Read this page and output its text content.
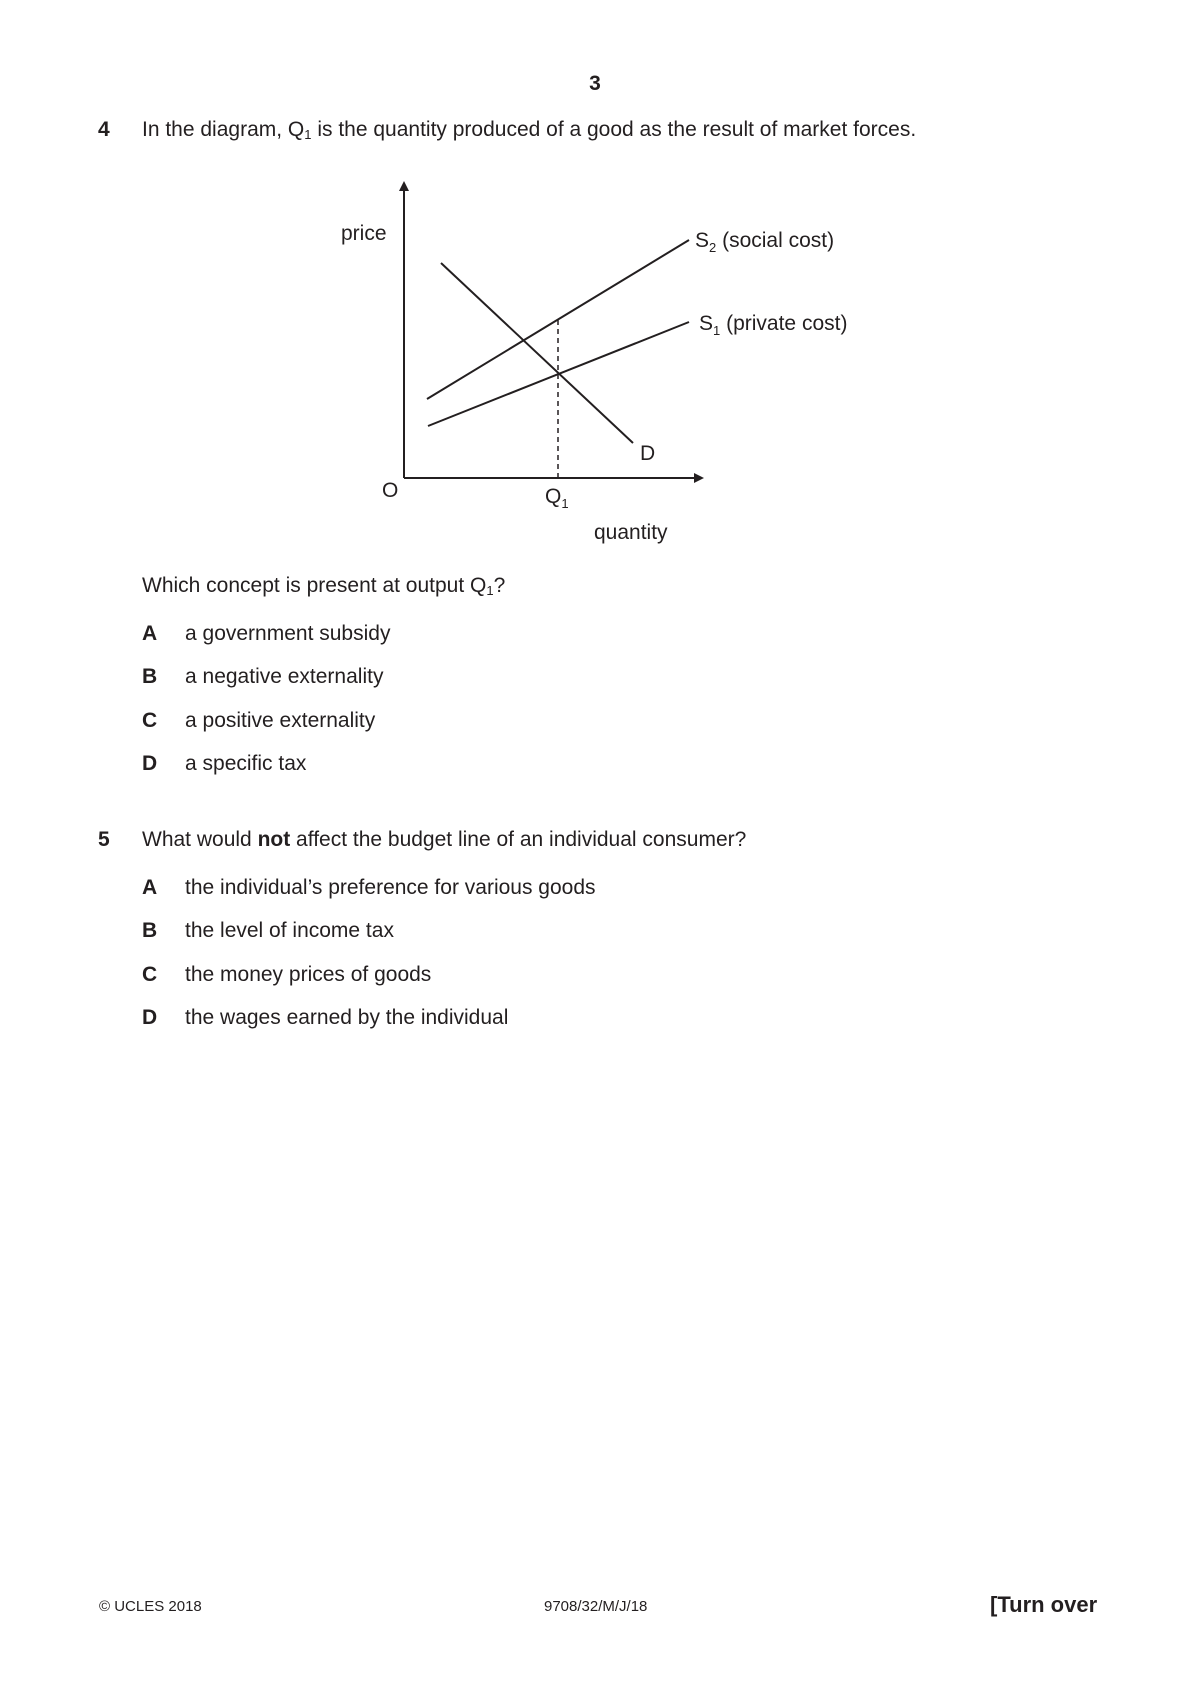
3
4 In the diagram, $Q_1$ is the quantity produced of a good as the result of market forces.
price
quantity
O	$Q_1$
$S_2$ (social cost)
$S_1$ (private cost)
D
Which concept is present at output $Q_1$?
A a government subsidy
B a negative externality
C a positive externality
D a specific tax
5 What would not affect the budget line of an individual consumer?
A the individual’s preference for various goods
B the level of income tax
C the money prices of goods
D the wages earned by the individual
© UCLES 2018	9708/32/M/J/18	[Turn over
